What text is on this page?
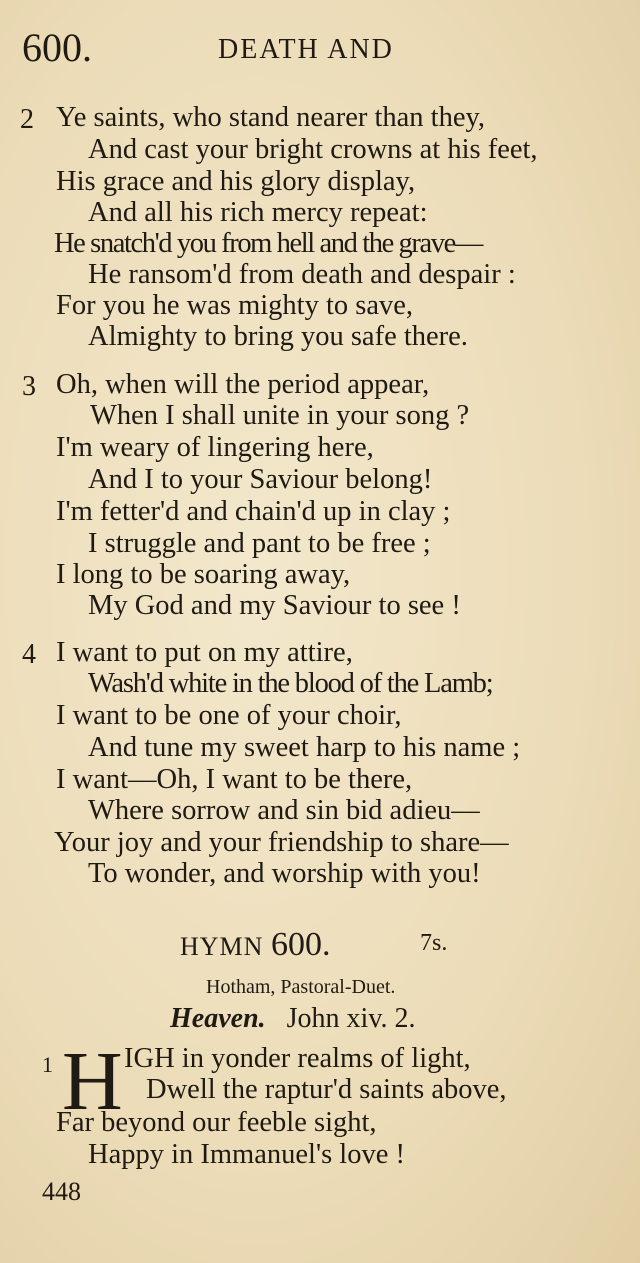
600.	DEATH AND
2 Ye saints, who stand nearer than they,
And cast your bright crowns at his feet,
His grace and his glory display,
And all his rich mercy repeat:
He snatch'd you from hell and the grave—
He ransom'd from death and despair :
For you he was mighty to save,
Almighty to bring you safe there.
3 Oh, when will the period appear,
When I shall unite in your song ?
I'm weary of lingering here,
And I to your Saviour belong!
I'm fetter'd and chain'd up in clay ;
I struggle and pant to be free ;
I long to be soaring away,
My God and my Saviour to see !
4 I want to put on my attire,
Wash'd white in the blood of the Lamb;
I want to be one of your choir,
And tune my sweet harp to his name ;
I want—Oh, I want to be there,
Where sorrow and sin bid adieu—
Your joy and your friendship to share—
To wonder, and worship with you!
HYMN 600.	7s.
Hotham, Pastoral-Duet.
Heaven. John xiv. 2.
1 H IGH in yonder realms of light,
Dwell the raptur'd saints above,
Far beyond our feeble sight,
Happy in Immanuel's love !
448
